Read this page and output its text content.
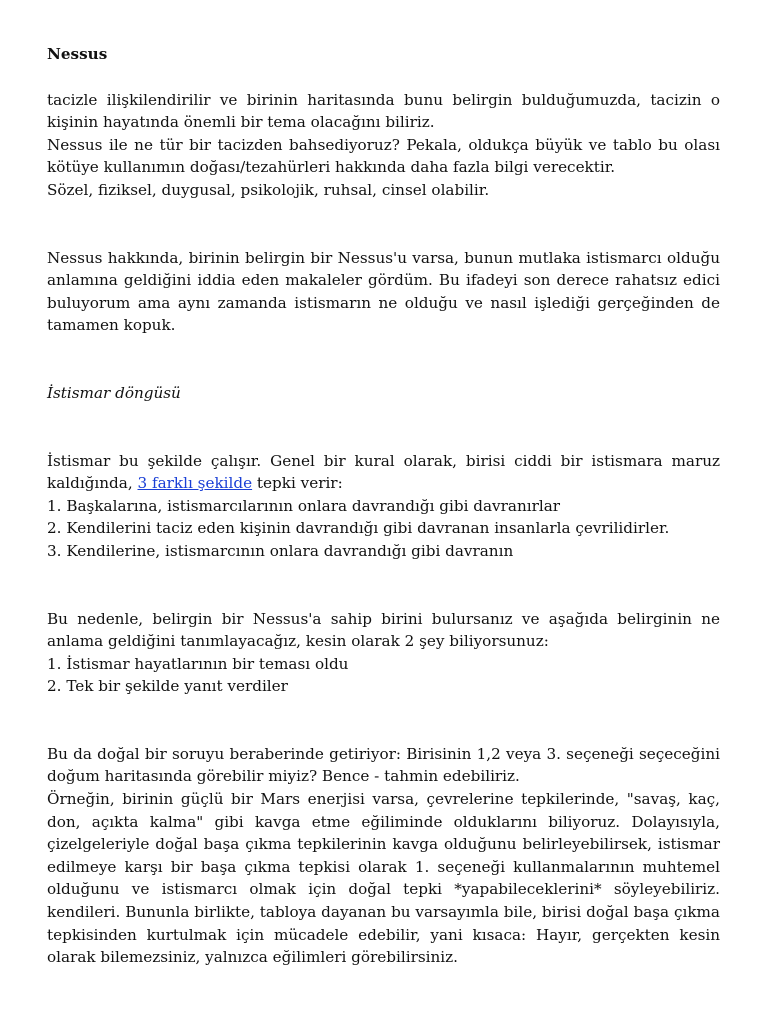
Nessus

tacizle ilişkilendirilir ve birinin haritasında bunu belirgin bulduğumuzda, tacizin o kişinin hayatında önemli bir tema olacağını biliriz.

Nessus ile ne tür bir tacizden bahsediyoruz? Pekala, oldukça büyük ve tablo bu olası kötüye kullanımın doğası/tezahürleri hakkında daha fazla bilgi verecektir.

Sözel, fiziksel, duygusal, psikolojik, ruhsal, cinsel olabilir.

Nessus hakkında, birinin belirgin bir Nessus'u varsa, bunun mutlaka istismarcı olduğu anlamına geldiğini iddia eden makaleler gördüm. Bu ifadeyi son derece rahatsız edici buluyorum ama aynı zamanda istismarın ne olduğu ve nasıl işlediği gerçeğinden de tamamen kopuk.

İstismar döngüsü

İstismar bu şekilde çalışır. Genel bir kural olarak, birisi ciddi bir istismara maruz kaldığında, 3 farklı şekilde tepki verir:

1. Başkalarına, istismarcılarının onlara davrandığı gibi davranırlar
2. Kendilerini taciz eden kişinin davrandığı gibi davranan insanlarla çevrilidirler.
3. Kendilerine, istismarcının onlara davrandığı gibi davranın

Bu nedenle, belirgin bir Nessus'a sahip birini bulursanız ve aşağıda belirginin ne anlama geldiğini tanımlayacağız, kesin olarak 2 şey biliyorsunuz:

1. İstismar hayatlarının bir teması oldu
2. Tek bir şekilde yanıt verdiler

Bu da doğal bir soruyu beraberinde getiriyor: Birisinin 1,2 veya 3. seçeneği seçeceğini doğum haritasında görebilir miyiz? Bence - tahmin edebiliriz.

Örneğin, birinin güçlü bir Mars enerjisi varsa, çevrelerine tepkilerinde, "savaş, kaç, don, açıkta kalma" gibi kavga etme eğiliminde olduklarını biliyoruz. Dolayısıyla, çizelgeleriyle doğal başa çıkma tepkilerinin kavga olduğunu belirleyebilirsek, istismar edilmeye karşı bir başa çıkma tepkisi olarak 1. seçeneği kullanmalarının muhtemel olduğunu ve istismarcı olmak için doğal tepki *yapabileceklerini* söyleyebiliriz. kendileri. Bununla birlikte, tabloya dayanan bu varsayımla bile, birisi doğal başa çıkma tepkisinden kurtulmak için mücadele edebilir, yani kısaca: Hayır, gerçekten kesin olarak bilemezsiniz, yalnızca eğilimleri görebilirsiniz.
